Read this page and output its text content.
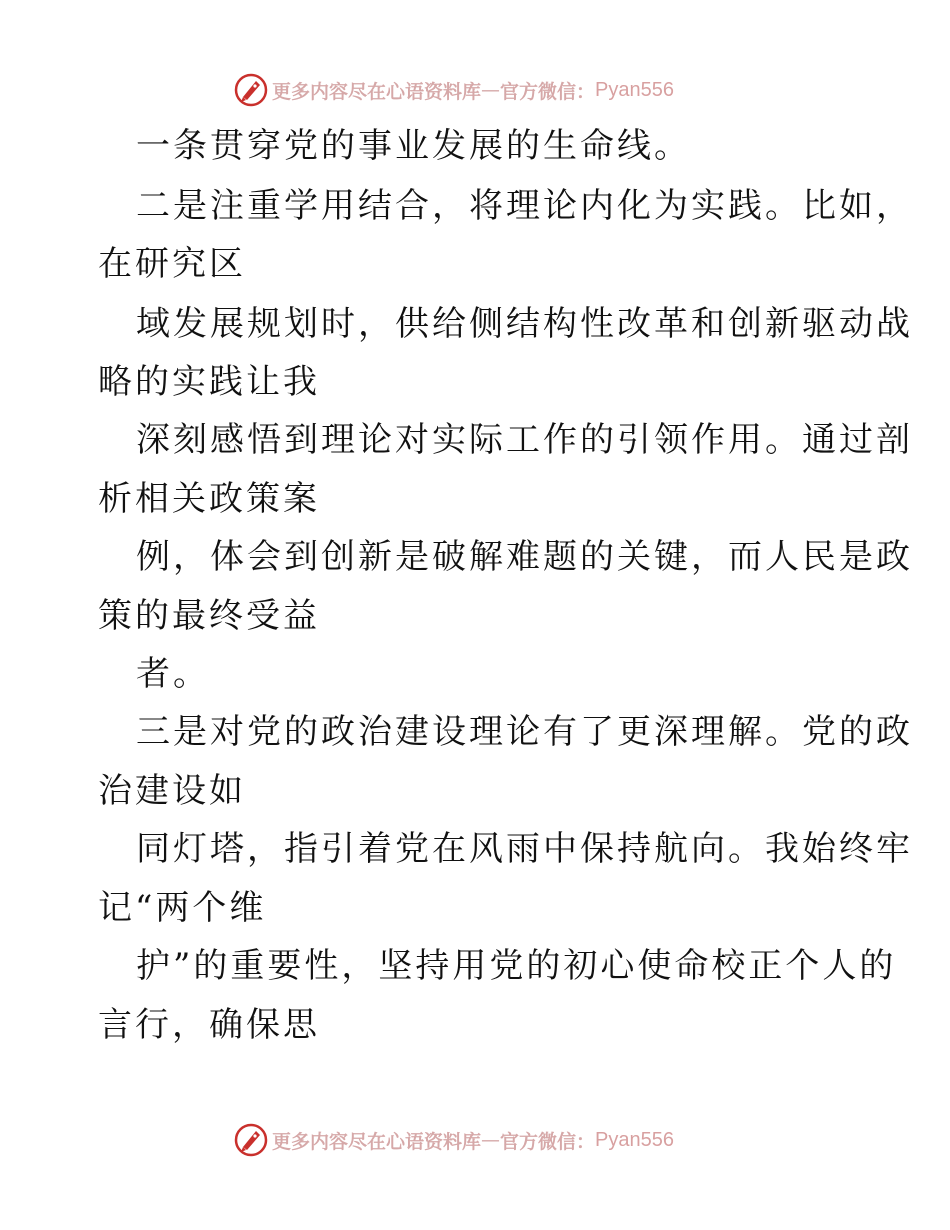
更多内容尽在心语资料库 — 官方微信： Pyan556
一条贯穿党的事业发展的生命线。
二是注重学用结合，将理论内化为实践。比如，
在研究区
域发展规划时，供给侧结构性改革和创新驱动战
略的实践让我
深刻感悟到理论对实际工作的引领作用。通过剖
析相关政策案
例，体会到创新是破解难题的关键，而人民是政
策的最终受益
者。
三是对党的政治建设理论有了更深理解。党的政
治建设如
同灯塔，指引着党在风雨中保持航向。我始终牢
记“两个维
护”的重要性，坚持用党的初心使命校正个人的
言行，确保思
更多内容尽在心语资料库 — 官方微信： Pyan556
